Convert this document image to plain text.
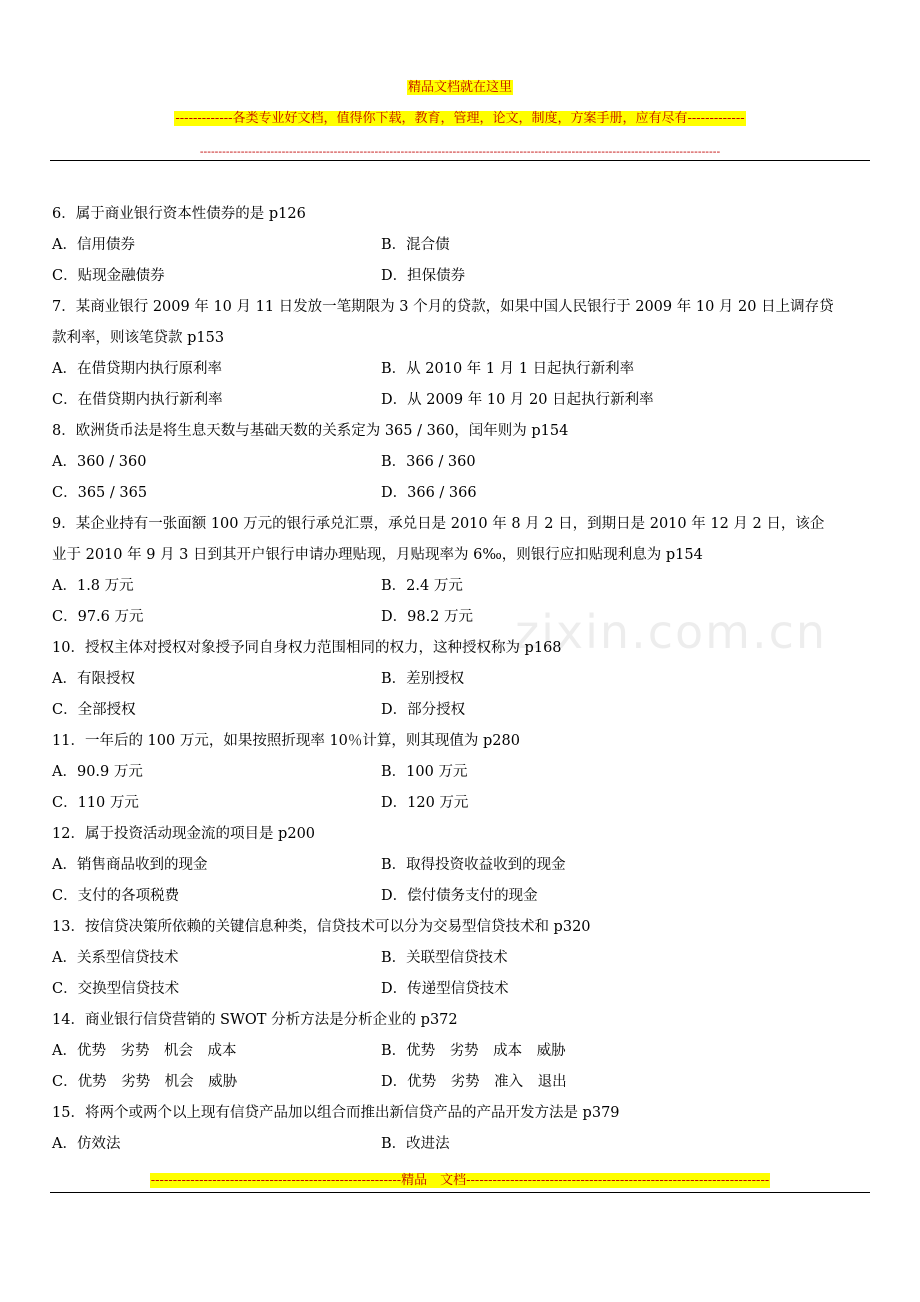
精品文档就在这里
-------------各类专业好文档，值得你下载，教育，管理，论文，制度，方案手册，应有尽有-------------
--------------------------------------------------------------------------------------------------------------------------------------------
zixin.com.cn
6．属于商业银行资本性债券的是 p126
A．信用债券	B．混合债
C．贴现金融债券	D．担保债券
7．某商业银行 2009 年 10 月 11 日发放一笔期限为 3 个月的贷款，如果中国人民银行于 2009 年 10 月 20 日上调存贷
款利率，则该笔贷款 p153
A．在借贷期内执行原利率	B．从 2010 年 1 月 1 日起执行新利率
C．在借贷期内执行新利率	D．从 2009 年 10 月 20 日起执行新利率
8．欧洲货币法是将生息天数与基础天数的关系定为 365 / 360，闰年则为 p154
A．360 / 360	B．366 / 360
C．365 / 365	D．366 / 366
9．某企业持有一张面额 100 万元的银行承兑汇票，承兑日是 2010 年 8 月 2 日，到期日是 2010 年 12 月 2 日，该企
业于 2010 年 9 月 3 日到其开户银行申请办理贴现，月贴现率为 6‰，则银行应扣贴现利息为 p154
A．1.8 万元	B．2.4 万元
C．97.6 万元	D．98.2 万元
10．授权主体对授权对象授予同自身权力范围相同的权力，这种授权称为 p168
A．有限授权	B．差别授权
C．全部授权	D．部分授权
11．一年后的 100 万元，如果按照折现率 10％计算，则其现值为 p280
A．90.9 万元	B．100 万元
C．110 万元	D．120 万元
12．属于投资活动现金流的项目是 p200
A．销售商品收到的现金	B．取得投资收益收到的现金
C．支付的各项税费	D．偿付债务支付的现金
13．按信贷决策所依赖的关键信息种类，信贷技术可以分为交易型信贷技术和 p320
A．关系型信贷技术	B．关联型信贷技术
C．交换型信贷技术	D．传递型信贷技术
14．商业银行信贷营销的 SWOT 分析方法是分析企业的 p372
A．优势　劣势　机会　成本	B．优势　劣势　成本　威胁
C．优势　劣势　机会　威胁	D．优势　劣势　准入　退出
15．将两个或两个以上现有信贷产品加以组合而推出新信贷产品的产品开发方法是 p379
A．仿效法	B．改进法
---------------------------------------------------------精品　文档---------------------------------------------------------------------
